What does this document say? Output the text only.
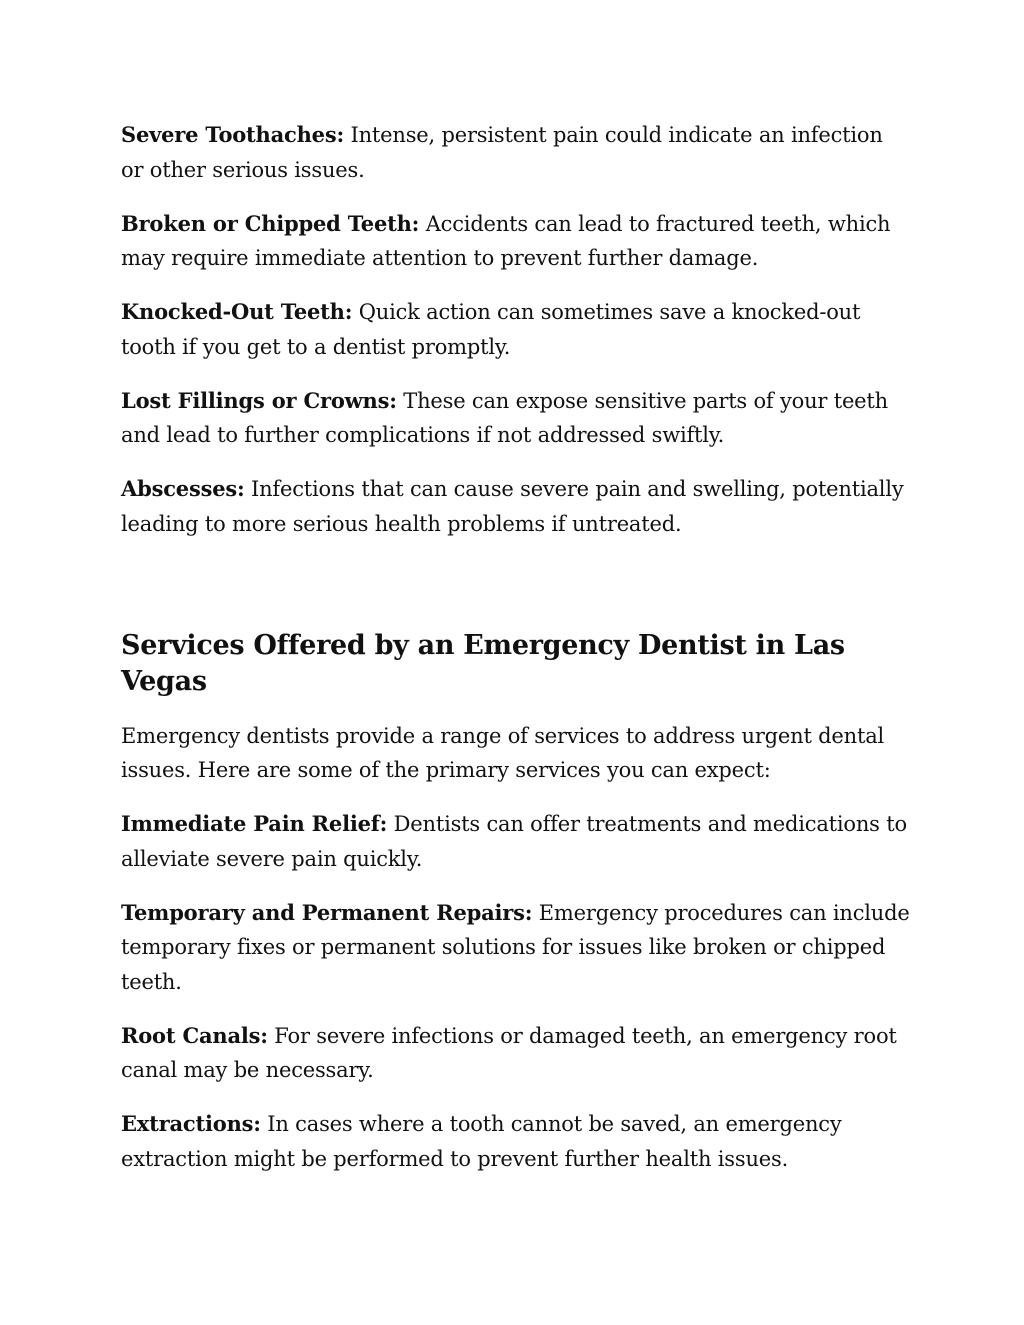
Severe Toothaches: Intense, persistent pain could indicate an infection or other serious issues.

Broken or Chipped Teeth: Accidents can lead to fractured teeth, which may require immediate attention to prevent further damage.

Knocked-Out Teeth: Quick action can sometimes save a knocked-out tooth if you get to a dentist promptly.

Lost Fillings or Crowns: These can expose sensitive parts of your teeth and lead to further complications if not addressed swiftly.

Abscesses: Infections that can cause severe pain and swelling, potentially leading to more serious health problems if untreated.

Services Offered by an Emergency Dentist in Las Vegas

Emergency dentists provide a range of services to address urgent dental issues. Here are some of the primary services you can expect:

Immediate Pain Relief: Dentists can offer treatments and medications to alleviate severe pain quickly.

Temporary and Permanent Repairs: Emergency procedures can include temporary fixes or permanent solutions for issues like broken or chipped teeth.

Root Canals: For severe infections or damaged teeth, an emergency root canal may be necessary.

Extractions: In cases where a tooth cannot be saved, an emergency extraction might be performed to prevent further health issues.
